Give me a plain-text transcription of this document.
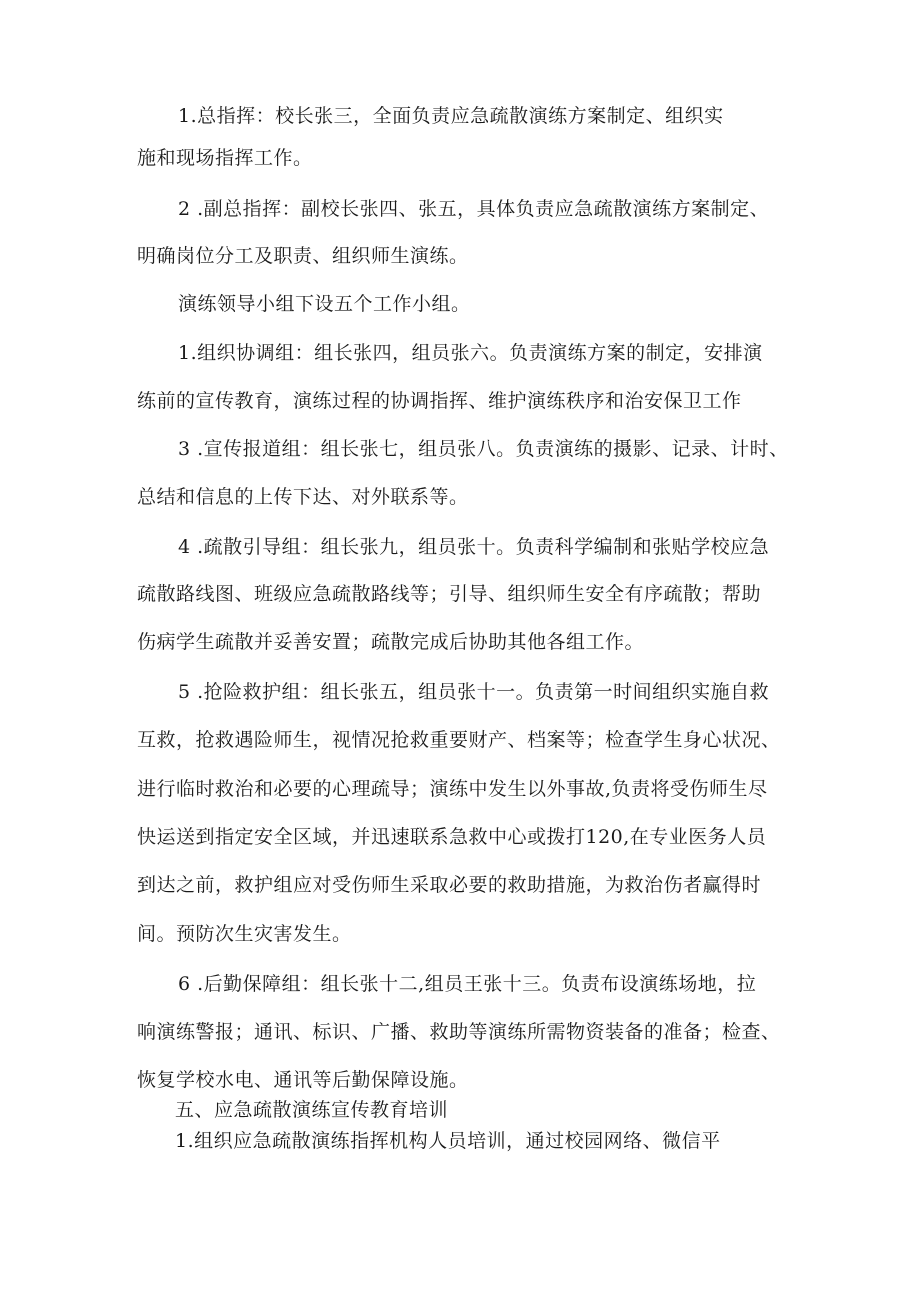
1.总指挥：校长张三，全面负责应急疏散演练方案制定、组织实
施和现场指挥工作。
2 .副总指挥：副校长张四、张五，具体负责应急疏散演练方案制定、
明确岗位分工及职责、组织师生演练。
演练领导小组下设五个工作小组。
1.组织协调组：组长张四，组员张六。负责演练方案的制定，安排演
练前的宣传教育，演练过程的协调指挥、维护演练秩序和治安保卫工作
3 .宣传报道组：组长张七，组员张八。负责演练的摄影、记录、计时、
总结和信息的上传下达、对外联系等。
4 .疏散引导组：组长张九，组员张十。负责科学编制和张贴学校应急
疏散路线图、班级应急疏散路线等；引导、组织师生安全有序疏散；帮助
伤病学生疏散并妥善安置；疏散完成后协助其他各组工作。
5 .抢险救护组：组长张五，组员张十一。负责第一时间组织实施自救
互救，抢救遇险师生，视情况抢救重要财产、档案等；检查学生身心状况、
进行临时救治和必要的心理疏导；演练中发生以外事故,负责将受伤师生尽
快运送到指定安全区域，并迅速联系急救中心或拨打120,在专业医务人员
到达之前，救护组应对受伤师生采取必要的救助措施，为救治伤者赢得时
间。预防次生灾害发生。
6 .后勤保障组：组长张十二,组员王张十三。负责布设演练场地，拉
响演练警报；通讯、标识、广播、救助等演练所需物资装备的准备；检查、
恢复学校水电、通讯等后勤保障设施。
五、应急疏散演练宣传教育培训
1.组织应急疏散演练指挥机构人员培训，通过校园网络、微信平
